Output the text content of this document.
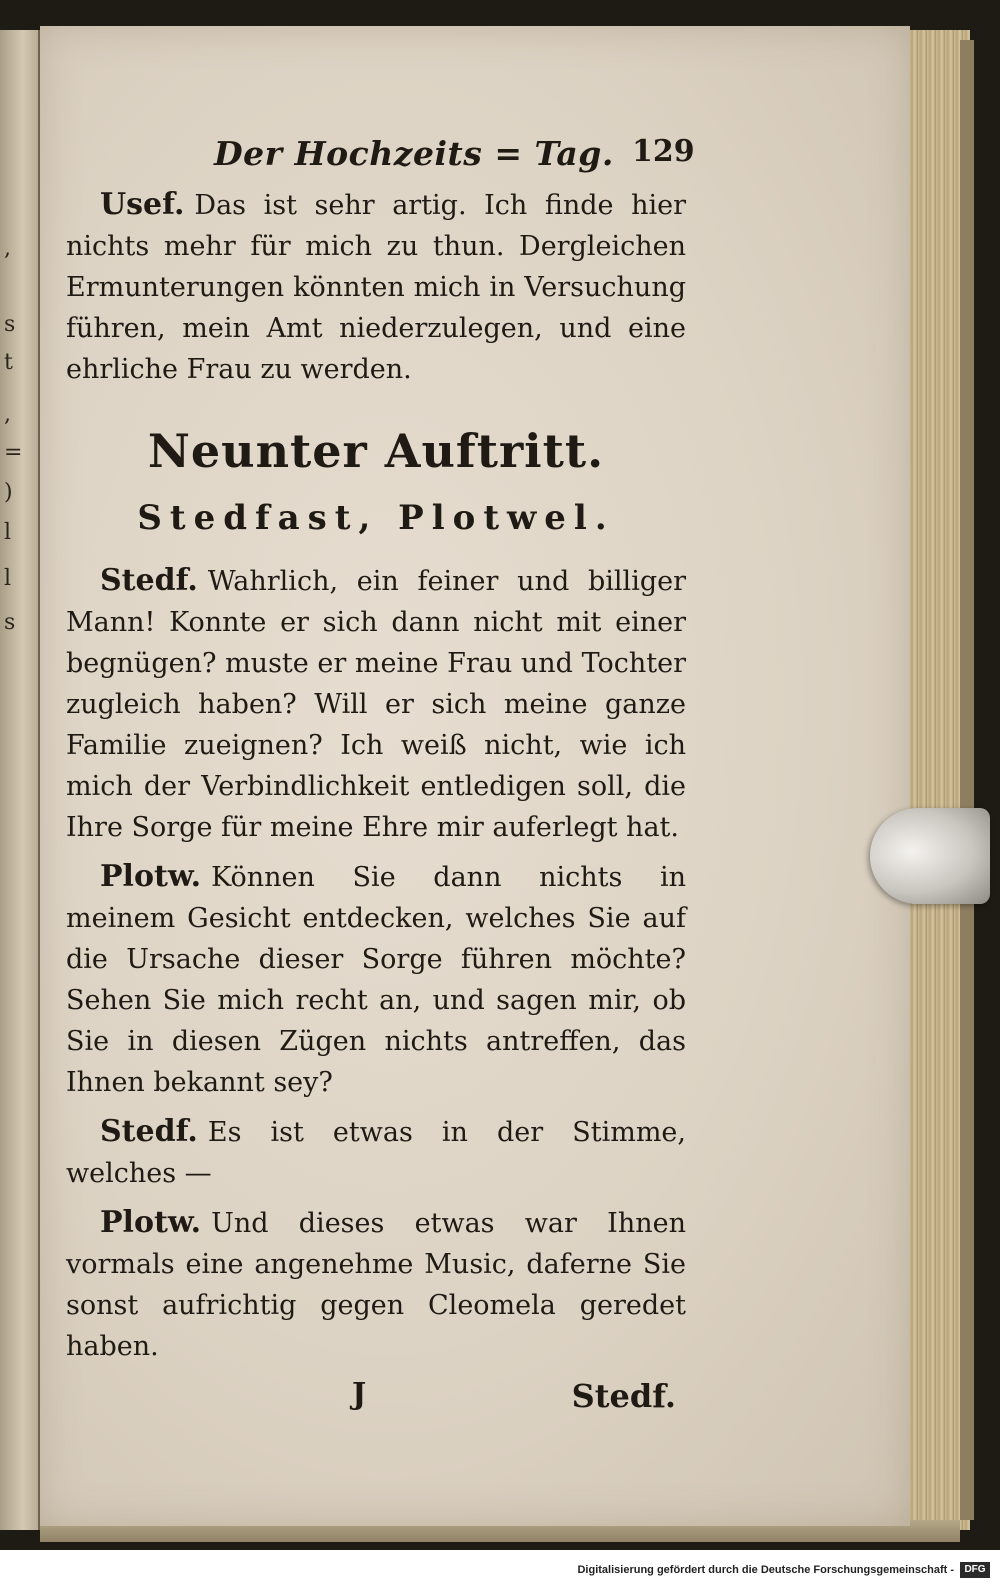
,
s
t
,
=
)
l
l
s
Der Hochzeits = Tag. 129

Usef. Das ist sehr artig. Ich finde hier nichts mehr für mich zu thun. Dergleichen Ermunterungen könnten mich in Versuchung führen, mein Amt niederzulegen, und eine ehrliche Frau zu werden.

Neunter Auftritt.
Stedfast, Plotwel.

Stedf. Wahrlich, ein feiner und billiger Mann! Konnte er sich dann nicht mit einer begnügen? muste er meine Frau und Tochter zugleich haben? Will er sich meine ganze Familie zueignen? Ich weiß nicht, wie ich mich der Verbindlichkeit entledigen soll, die Ihre Sorge für meine Ehre mir auferlegt hat.

Plotw. Können Sie dann nichts in meinem Gesicht entdecken, welches Sie auf die Ursache dieser Sorge führen möchte? Sehen Sie mich recht an, und sagen mir, ob Sie in diesen Zügen nichts antreffen, das Ihnen bekannt sey?

Stedf. Es ist etwas in der Stimme, welches —

Plotw. Und dieses etwas war Ihnen vormals eine angenehme Music, daferne Sie sonst aufrichtig gegen Cleomela geredet haben.

J	Stedf.
Digitalisierung gefördert durch die Deutsche Forschungsgemeinschaft -	DFG
